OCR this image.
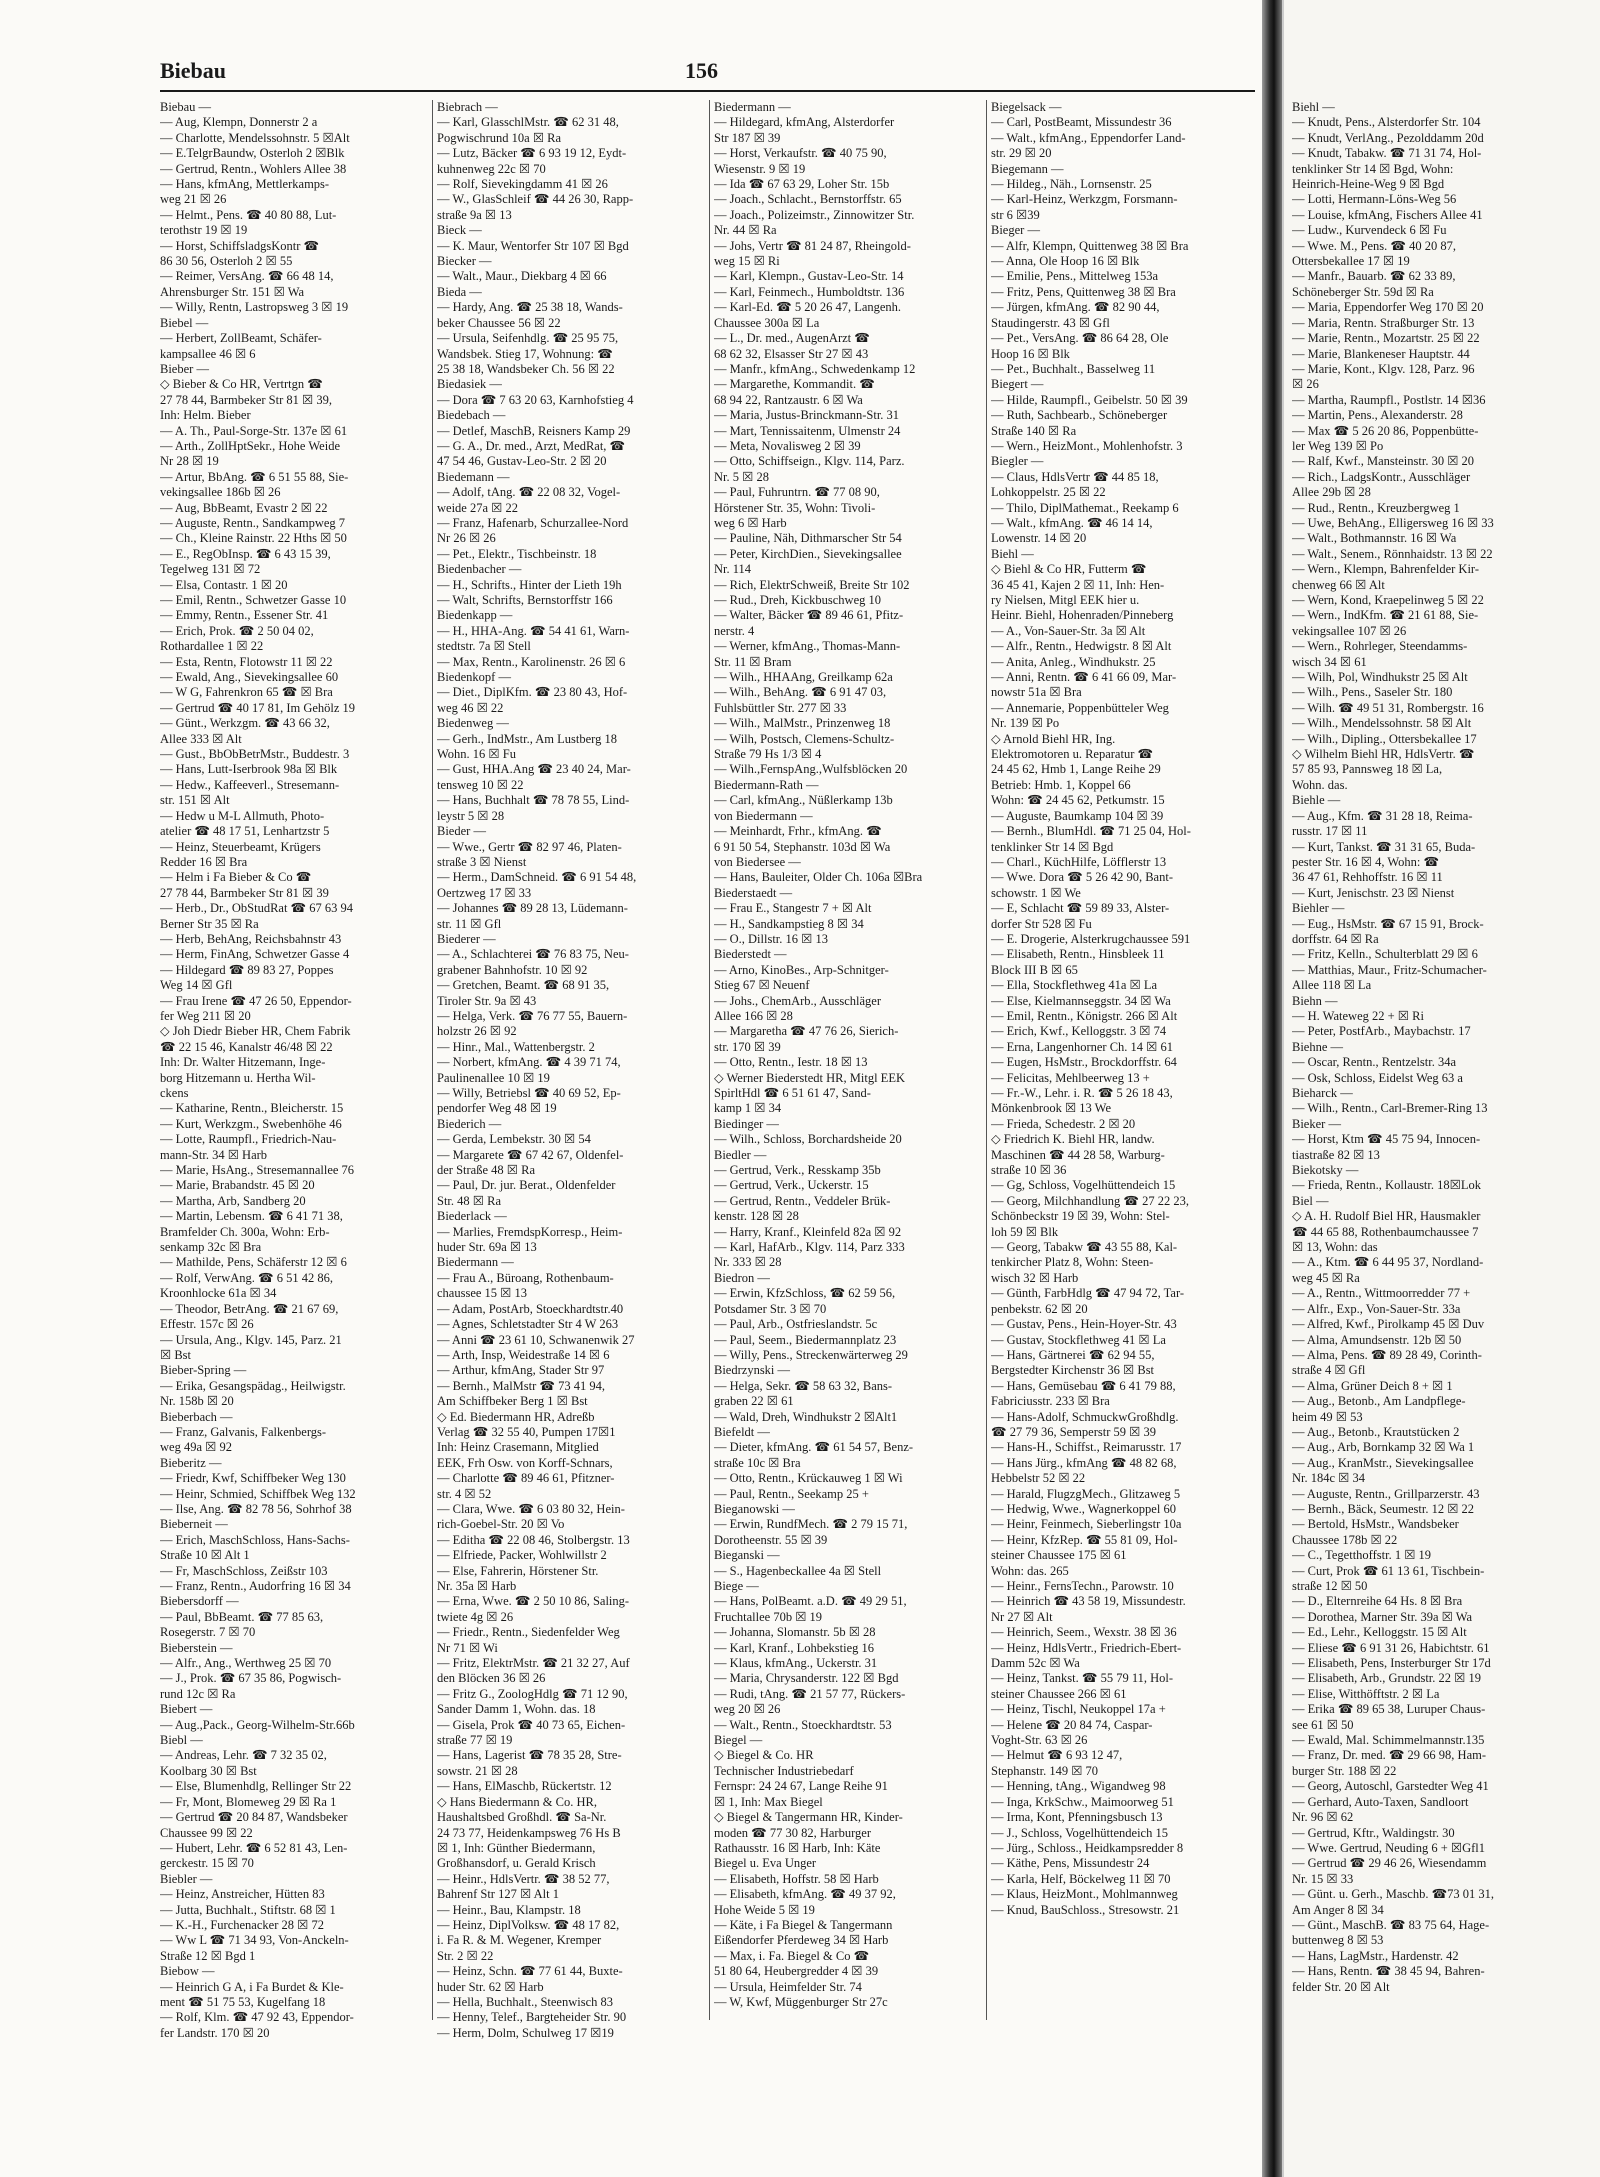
Biebau	156
Biebau —
— Aug, Klempn, Donnerstr 2 a
— Charlotte, Mendelssohnstr. 5 ☒Alt
— E.TelgrBaundw, Osterloh 2 ☒Blk
— Gertrud, Rentn., Wohlers Allee 38
— Hans, kfmAng, Mettlerkamps-
weg 21 ☒ 26
— Helmt., Pens. ☎ 40 80 88, Lut-
terothstr 19 ☒ 19
— Horst, SchiffsladgsKontr ☎
86 30 56, Osterloh 2 ☒ 55
— Reimer, VersAng. ☎ 66 48 14,
Ahrensburger Str. 151 ☒ Wa
— Willy, Rentn, Lastropsweg 3 ☒ 19
Biebel —
— Herbert, ZollBeamt, Schäfer-
kampsallee 46 ☒ 6
Bieber —
◇ Bieber & Co HR, Vertrtgn ☎
27 78 44, Barmbeker Str 81 ☒ 39,
Inh: Helm. Bieber
— A. Th., Paul-Sorge-Str. 137e ☒ 61
— Arth., ZollHptSekr., Hohe Weide
Nr 28 ☒ 19
— Artur, BbAng. ☎ 6 51 55 88, Sie-
vekingsallee 186b ☒ 26
— Aug, BbBeamt, Evastr 2 ☒ 22
— Auguste, Rentn., Sandkampweg 7
— Ch., Kleine Rainstr. 22 Hths ☒ 50
— E., RegObInsp. ☎ 6 43 15 39,
Tegelweg 131 ☒ 72
— Elsa, Contastr. 1 ☒ 20
— Emil, Rentn., Schwetzer Gasse 10
— Emmy, Rentn., Essener Str. 41
— Erich, Prok. ☎ 2 50 04 02,
Rothardallee 1 ☒ 22
— Esta, Rentn, Flotowstr 11 ☒ 22
— Ewald, Ang., Sievekingsallee 60
— W G, Fahrenkron 65 ☎ ☒ Bra
— Gertrud ☎ 40 17 81, Im Gehölz 19
— Günt., Werkzgm. ☎ 43 66 32,
Allee 333 ☒ Alt
— Gust., BbObBetrMstr., Buddestr. 3
— Hans, Lutt-Iserbrook 98a ☒ Blk
— Hedw., Kaffeeverl., Stresemann-
str. 151 ☒ Alt
— Hedw u M-L Allmuth, Photo-
atelier ☎ 48 17 51, Lenhartzstr 5
— Heinz, Steuerbeamt, Krügers
Redder 16 ☒ Bra
— Helm i Fa Bieber & Co ☎
27 78 44, Barmbeker Str 81 ☒ 39
— Herb., Dr., ObStudRat ☎ 67 63 94
Berner Str 35 ☒ Ra
— Herb, BehAng, Reichsbahnstr 43
— Herm, FinAng, Schwetzer Gasse 4
— Hildegard ☎ 89 83 27, Poppes
Weg 14 ☒ Gfl
— Frau Irene ☎ 47 26 50, Eppendor-
fer Weg 211 ☒ 20
◇ Joh Diedr Bieber HR, Chem Fabrik
☎ 22 15 46, Kanalstr 46/48 ☒ 22
Inh: Dr. Walter Hitzemann, Inge-
borg Hitzemann u. Hertha Wil-
ckens
— Katharine, Rentn., Bleicherstr. 15
— Kurt, Werkzgm., Swebenhöhe 46
— Lotte, Raumpfl., Friedrich-Nau-
mann-Str. 34 ☒ Harb
— Marie, HsAng., Stresemannallee 76
— Marie, Brabandstr. 45 ☒ 20
— Martha, Arb, Sandberg 20
— Martin, Lebensm. ☎ 6 41 71 38,
Bramfelder Ch. 300a, Wohn: Erb-
senkamp 32c ☒ Bra
— Mathilde, Pens, Schäferstr 12 ☒ 6
— Rolf, VerwAng. ☎ 6 51 42 86,
Kroonhlocke 61a ☒ 34
— Theodor, BetrAng. ☎ 21 67 69,
Effestr. 157c ☒ 26
— Ursula, Ang., Klgv. 145, Parz. 21
☒ Bst
Bieber-Spring —
— Erika, Gesangspädag., Heilwigstr.
Nr. 158b ☒ 20
Bieberbach —
— Franz, Galvanis, Falkenbergs-
weg 49a ☒ 92
Bieberitz —
— Friedr, Kwf, Schiffbeker Weg 130
— Heinr, Schmied, Schiffbek Weg 132
— Ilse, Ang. ☎ 82 78 56, Sohrhof 38
Bieberneit —
— Erich, MaschSchloss, Hans-Sachs-
Straße 10 ☒ Alt 1
— Fr, MaschSchloss, Zeißstr 103
— Franz, Rentn., Audorfring 16 ☒ 34
Biebersdorff —
— Paul, BbBeamt. ☎ 77 85 63,
Rosegerstr. 7 ☒ 70
Bieberstein —
— Alfr., Ang., Werthweg 25 ☒ 70
— J., Prok. ☎ 67 35 86, Pogwisch-
rund 12c ☒ Ra
Biebert —
— Aug.,Pack., Georg-Wilhelm-Str.66b
Biebl —
— Andreas, Lehr. ☎ 7 32 35 02,
Koolbarg 30 ☒ Bst
— Else, Blumenhdlg, Rellinger Str 22
— Fr, Mont, Blomeweg 29 ☒ Ra 1
— Gertrud ☎ 20 84 87, Wandsbeker
Chaussee 99 ☒ 22
— Hubert, Lehr. ☎ 6 52 81 43, Len-
gerckestr. 15 ☒ 70
Biebler —
— Heinz, Anstreicher, Hütten 83
— Jutta, Buchhalt., Stiftstr. 68 ☒ 1
— K.-H., Furchenacker 28 ☒ 72
— Ww L ☎ 71 34 93, Von-Anckeln-
Straße 12 ☒ Bgd 1
Biebow —
— Heinrich G A, i Fa Burdet & Kle-
ment ☎ 51 75 53, Kugelfang 18
— Rolf, Klm. ☎ 47 92 43, Eppendor-
fer Landstr. 170 ☒ 20
Biebrach —
— Karl, GlasschlMstr. ☎ 62 31 48,
Pogwischrund 10a ☒ Ra
— Lutz, Bäcker ☎ 6 93 19 12, Eydt-
kuhnenweg 22c ☒ 70
— Rolf, Sievekingdamm 41 ☒ 26
— W., GlasSchleif ☎ 44 26 30, Rapp-
straße 9a ☒ 13
Bieck —
— K. Maur, Wentorfer Str 107 ☒ Bgd
Biecker —
— Walt., Maur., Diekbarg 4 ☒ 66
Bieda —
— Hardy, Ang. ☎ 25 38 18, Wands-
beker Chaussee 56 ☒ 22
— Ursula, Seifenhdlg. ☎ 25 95 75,
Wandsbek. Stieg 17, Wohnung: ☎
25 38 18, Wandsbeker Ch. 56 ☒ 22
Biedasiek —
— Dora ☎ 7 63 20 63, Karnhofstieg 4
Biedebach —
— Detlef, MaschB, Reisners Kamp 29
— G. A., Dr. med., Arzt, MedRat, ☎
47 54 46, Gustav-Leo-Str. 2 ☒ 20
Biedemann —
— Adolf, tAng. ☎ 22 08 32, Vogel-
weide 27a ☒ 22
— Franz, Hafenarb, Schurzallee-Nord
Nr 26 ☒ 26
— Pet., Elektr., Tischbeinstr. 18
Biedenbacher —
— H., Schrifts., Hinter der Lieth 19h
— Walt, Schrifts, Bernstorffstr 166
Biedenkapp —
— H., HHA-Ang. ☎ 54 41 61, Warn-
stedtstr. 7a ☒ Stell
— Max, Rentn., Karolinenstr. 26 ☒ 6
Biedenkopf —
— Diet., DiplKfm. ☎ 23 80 43, Hof-
weg 46 ☒ 22
Biedenweg —
— Gerh., IndMstr., Am Lustberg 18
Wohn. 16 ☒ Fu
— Gust, HHA.Ang ☎ 23 40 24, Mar-
tensweg 10 ☒ 22
— Hans, Buchhalt ☎ 78 78 55, Lind-
leystr 5 ☒ 28
Bieder —
— Wwe., Gertr ☎ 82 97 46, Platen-
straße 3 ☒ Nienst
— Herm., DamSchneid. ☎ 6 91 54 48,
Oertzweg 17 ☒ 33
— Johannes ☎ 89 28 13, Lüdemann-
str. 11 ☒ Gfl
Biederer —
— A., Schlachterei ☎ 76 83 75, Neu-
grabener Bahnhofstr. 10 ☒ 92
— Gretchen, Beamt. ☎ 68 91 35,
Tiroler Str. 9a ☒ 43
— Helga, Verk. ☎ 76 77 55, Bauern-
holzstr 26 ☒ 92
— Hinr., Mal., Wattenbergstr. 2
— Norbert, kfmAng. ☎ 4 39 71 74,
Paulinenallee 10 ☒ 19
— Willy, Betriebsl ☎ 40 69 52, Ep-
pendorfer Weg 48 ☒ 19
Biederich —
— Gerda, Lembekstr. 30 ☒ 54
— Margarete ☎ 67 42 67, Oldenfel-
der Straße 48 ☒ Ra
— Paul, Dr. jur. Berat., Oldenfelder
Str. 48 ☒ Ra
Biederlack —
— Marlies, FremdspKorresp., Heim-
huder Str. 69a ☒ 13
Biedermann —
— Frau A., Büroang, Rothenbaum-
chaussee 15 ☒ 13
— Adam, PostArb, Stoeckhardtstr.40
— Agnes, Schletstadter Str 4 W 263
— Anni ☎ 23 61 10, Schwanenwik 27
— Arth, Insp, Weidestraße 14 ☒ 6
— Arthur, kfmAng, Stader Str 97
— Bernh., MalMstr ☎ 73 41 94,
Am Schiffbeker Berg 1 ☒ Bst
◇ Ed. Biedermann HR, Adreßb
Verlag ☎ 32 55 40, Pumpen 17☒1
Inh: Heinz Crasemann, Mitglied
EEK, Frh Osw. von Korff-Schnars,
— Charlotte ☎ 89 46 61, Pfitzner-
str. 4 ☒ 52
— Clara, Wwe. ☎ 6 03 80 32, Hein-
rich-Goebel-Str. 20 ☒ Vo
— Editha ☎ 22 08 46, Stolbergstr. 13
— Elfriede, Packer, Wohlwillstr 2
— Else, Fahrerin, Hörstener Str.
Nr. 35a ☒ Harb
— Erna, Wwe. ☎ 2 50 10 86, Saling-
twiete 4g ☒ 26
— Friedr., Rentn., Siedenfelder Weg
Nr 71 ☒ Wi
— Fritz, ElektrMstr. ☎ 21 32 27, Auf
den Blöcken 36 ☒ 26
— Fritz G., ZoologHdlg ☎ 71 12 90,
Sander Damm 1, Wohn. das. 18
— Gisela, Prok ☎ 40 73 65, Eichen-
straße 77 ☒ 19
— Hans, Lagerist ☎ 78 35 28, Stre-
sowstr. 21 ☒ 28
— Hans, ElMaschb, Rückertstr. 12
◇ Hans Biedermann & Co. HR,
Haushaltsbed Großhdl. ☎ Sa-Nr.
24 73 77, Heidenkampsweg 76 Hs B
☒ 1, Inh: Günther Biedermann,
Großhansdorf, u. Gerald Krisch
— Heinr., HdlsVertr. ☎ 38 52 77,
Bahrenf Str 127 ☒ Alt 1
— Heinr., Bau, Klampstr. 18
— Heinz, DiplVolksw. ☎ 48 17 82,
i. Fa R. & M. Wegener, Kremper
Str. 2 ☒ 22
— Heinz, Schn. ☎ 77 61 44, Buxte-
huder Str. 62 ☒ Harb
— Hella, Buchhalt., Steenwisch 83
— Henny, Telef., Bargteheider Str. 90
— Herm, Dolm, Schulweg 17 ☒19
Biedermann —
— Hildegard, kfmAng, Alsterdorfer
Str 187 ☒ 39
— Horst, Verkaufstr. ☎ 40 75 90,
Wiesenstr. 9 ☒ 19
— Ida ☎ 67 63 29, Loher Str. 15b
— Joach., Schlacht., Bernstorffstr. 65
— Joach., Polizeimstr., Zinnowitzer Str.
Nr. 44 ☒ Ra
— Johs, Vertr ☎ 81 24 87, Rheingold-
weg 15 ☒ Ri
— Karl, Klempn., Gustav-Leo-Str. 14
— Karl, Feinmech., Humboldtstr. 136
— Karl-Ed. ☎ 5 20 26 47, Langenh.
Chaussee 300a ☒ La
— L., Dr. med., AugenArzt ☎
68 62 32, Elsasser Str 27 ☒ 43
— Manfr., kfmAng., Schwedenkamp 12
— Margarethe, Kommandit. ☎
68 94 22, Rantzaustr. 6 ☒ Wa
— Maria, Justus-Brinckmann-Str. 31
— Mart, Tennissaitenm, Ulmenstr 24
— Meta, Novalisweg 2 ☒ 39
— Otto, Schiffseign., Klgv. 114, Parz.
Nr. 5 ☒ 28
— Paul, Fuhruntrn. ☎ 77 08 90,
Hörstener Str. 35, Wohn: Tivoli-
weg 6 ☒ Harb
— Pauline, Näh, Dithmarscher Str 54
— Peter, KirchDien., Sievekingsallee
Nr. 114
— Rich, ElektrSchweiß, Breite Str 102
— Rud., Dreh, Kickbuschweg 10
— Walter, Bäcker ☎ 89 46 61, Pfitz-
nerstr. 4
— Werner, kfmAng., Thomas-Mann-
Str. 11 ☒ Bram
— Wilh., HHAAng, Greilkamp 62a
— Wilh., BehAng. ☎ 6 91 47 03,
Fuhlsbüttler Str. 277 ☒ 33
— Wilh., MalMstr., Prinzenweg 18
— Wilh, Postsch, Clemens-Schultz-
Straße 79 Hs 1/3 ☒ 4
— Wilh.,FernspAng.,Wulfsblöcken 20
Biedermann-Rath —
— Carl, kfmAng., Nüßlerkamp 13b
von Biedermann —
— Meinhardt, Frhr., kfmAng. ☎
6 91 50 54, Stephanstr. 103d ☒ Wa
von Biedersee —
— Hans, Bauleiter, Older Ch. 106a ☒Bra
Biederstaedt —
— Frau E., Stangestr 7 + ☒ Alt
— H., Sandkampstieg 8 ☒ 34
— O., Dillstr. 16 ☒ 13
Biederstedt —
— Arno, KinoBes., Arp-Schnitger-
Stieg 67 ☒ Neuenf
— Johs., ChemArb., Ausschläger
Allee 166 ☒ 28
— Margaretha ☎ 47 76 26, Sierich-
str. 170 ☒ 39
— Otto, Rentn., Iestr. 18 ☒ 13
◇ Werner Biederstedt HR, Mitgl EEK
SpirltHdl ☎ 6 51 61 47, Sand-
kamp 1 ☒ 34
Biedinger —
— Wilh., Schloss, Borchardsheide 20
Biedler —
— Gertrud, Verk., Resskamp 35b
— Gertrud, Verk., Uckerstr. 15
— Gertrud, Rentn., Veddeler Brük-
kenstr. 128 ☒ 28
— Harry, Kranf., Kleinfeld 82a ☒ 92
— Karl, HafArb., Klgv. 114, Parz 333
Nr. 333 ☒ 28
Biedron —
— Erwin, KfzSchloss, ☎ 62 59 56,
Potsdamer Str. 3 ☒ 70
— Paul, Arb., Ostfrieslandstr. 5c
— Paul, Seem., Biedermannplatz 23
— Willy, Pens., Streckenwärterweg 29
Biedrzynski —
— Helga, Sekr. ☎ 58 63 32, Bans-
graben 22 ☒ 61
— Wald, Dreh, Windhukstr 2 ☒Alt1
Biefeldt —
— Dieter, kfmAng. ☎ 61 54 57, Benz-
straße 10c ☒ Bra
— Otto, Rentn., Krückauweg 1 ☒ Wi
— Paul, Rentn., Seekamp 25 +
Bieganowski —
— Erwin, RundfMech. ☎ 2 79 15 71,
Dorotheenstr. 55 ☒ 39
Bieganski —
— S., Hagenbeckallee 4a ☒ Stell
Biege —
— Hans, PolBeamt. a.D. ☎ 49 29 51,
Fruchtallee 70b ☒ 19
— Johanna, Slomanstr. 5b ☒ 28
— Karl, Kranf., Lohbekstieg 16
— Klaus, kfmAng., Uckerstr. 31
— Maria, Chrysanderstr. 122 ☒ Bgd
— Rudi, tAng. ☎ 21 57 77, Rückers-
weg 20 ☒ 26
— Walt., Rentn., Stoeckhardtstr. 53
Biegel —
◇ Biegel & Co. HR
Technischer Industriebedarf
Fernspr: 24 24 67, Lange Reihe 91
☒ 1, Inh: Max Biegel
◇ Biegel & Tangermann HR, Kinder-
moden ☎ 77 30 82, Harburger
Rathausstr. 16 ☒ Harb, Inh: Käte
Biegel u. Eva Unger
— Elisabeth, Hoffstr. 58 ☒ Harb
— Elisabeth, kfmAng. ☎ 49 37 92,
Hohe Weide 5 ☒ 19
— Käte, i Fa Biegel & Tangermann
Eißendorfer Pferdeweg 34 ☒ Harb
— Max, i. Fa. Biegel & Co ☎
51 80 64, Heubergredder 4 ☒ 39
— Ursula, Heimfelder Str. 74
— W, Kwf, Müggenburger Str 27c
Biegelsack —
— Carl, PostBeamt, Missundestr 36
— Walt., kfmAng., Eppendorfer Land-
str. 29 ☒ 20
Biegemann —
— Hildeg., Näh., Lornsenstr. 25
— Karl-Heinz, Werkzgm, Forsmann-
str 6 ☒39
Bieger —
— Alfr, Klempn, Quittenweg 38 ☒ Bra
— Anna, Ole Hoop 16 ☒ Blk
— Emilie, Pens., Mittelweg 153a
— Fritz, Pens, Quittenweg 38 ☒ Bra
— Jürgen, kfmAng. ☎ 82 90 44,
Staudingerstr. 43 ☒ Gfl
— Pet., VersAng. ☎ 86 64 28, Ole
Hoop 16 ☒ Blk
— Pet., Buchhalt., Basselweg 11
Biegert —
— Hilde, Raumpfl., Geibelstr. 50 ☒ 39
— Ruth, Sachbearb., Schöneberger
Straße 140 ☒ Ra
— Wern., HeizMont., Mohlenhofstr. 3
Biegler —
— Claus, HdlsVertr ☎ 44 85 18,
Lohkoppelstr. 25 ☒ 22
— Thilo, DiplMathemat., Reekamp 6
— Walt., kfmAng. ☎ 46 14 14,
Lowenstr. 14 ☒ 20
Biehl —
◇ Biehl & Co HR, Futterm ☎
36 45 41, Kajen 2 ☒ 11, Inh: Hen-
ry Nielsen, Mitgl EEK hier u.
Heinr. Biehl, Hohenraden/Pinneberg
— A., Von-Sauer-Str. 3a ☒ Alt
— Alfr., Rentn., Hedwigstr. 8 ☒ Alt
— Anita, Anleg., Windhukstr. 25
— Anni, Rentn. ☎ 6 41 66 09, Mar-
nowstr 51a ☒ Bra
— Annemarie, Poppenbütteler Weg
Nr. 139 ☒ Po
◇ Arnold Biehl HR, Ing.
Elektromotoren u. Reparatur ☎
24 45 62, Hmb 1, Lange Reihe 29
Betrieb: Hmb. 1, Koppel 66
Wohn: ☎ 24 45 62, Petkumstr. 15
— Auguste, Baumkamp 104 ☒ 39
— Bernh., BlumHdl. ☎ 71 25 04, Hol-
tenklinker Str 14 ☒ Bgd
— Charl., KüchHilfe, Löfflerstr 13
— Wwe. Dora ☎ 5 26 42 90, Bant-
schowstr. 1 ☒ We
— E, Schlacht ☎ 59 89 33, Alster-
dorfer Str 528 ☒ Fu
— E. Drogerie, Alsterkrugchaussee 591
— Elisabeth, Rentn., Hinsbleek 11
Block III B ☒ 65
— Ella, Stockflethweg 41a ☒ La
— Else, Kielmannseggstr. 34 ☒ Wa
— Emil, Rentn., Königstr. 266 ☒ Alt
— Erich, Kwf., Kelloggstr. 3 ☒ 74
— Erna, Langenhorner Ch. 14 ☒ 61
— Eugen, HsMstr., Brockdorffstr. 64
— Felicitas, Mehlbeerweg 13 +
— Fr.-W., Lehr. i. R. ☎ 5 26 18 43,
Mönkenbrook ☒ 13 We
— Frieda, Schedestr. 2 ☒ 20
◇ Friedrich K. Biehl HR, landw.
Maschinen ☎ 44 28 58, Warburg-
straße 10 ☒ 36
— Gg, Schloss, Vogelhüttendeich 15
— Georg, Milchhandlung ☎ 27 22 23,
Schönbeckstr 19 ☒ 39, Wohn: Stel-
loh 59 ☒ Blk
— Georg, Tabakw ☎ 43 55 88, Kal-
tenkircher Platz 8, Wohn: Steen-
wisch 32 ☒ Harb
— Günth, FarbHdlg ☎ 47 94 72, Tar-
penbekstr. 62 ☒ 20
— Gustav, Pens., Hein-Hoyer-Str. 43
— Gustav, Stockflethweg 41 ☒ La
— Hans, Gärtnerei ☎ 62 94 55,
Bergstedter Kirchenstr 36 ☒ Bst
— Hans, Gemüsebau ☎ 6 41 79 88,
Fabriciusstr. 233 ☒ Bra
— Hans-Adolf, SchmuckwGroßhdlg.
☎ 27 79 36, Semperstr 59 ☒ 39
— Hans-H., Schiffst., Reimarusstr. 17
— Hans Jürg., kfmAng ☎ 48 82 68,
Hebbelstr 52 ☒ 22
— Harald, FlugzgMech., Glitzaweg 5
— Hedwig, Wwe., Wagnerkoppel 60
— Heinr, Feinmech, Sieberlingstr 10a
— Heinr, KfzRep. ☎ 55 81 09, Hol-
steiner Chaussee 175 ☒ 61
Wohn: das. 265
— Heinr., FernsTechn., Parowstr. 10
— Heinrich ☎ 43 58 19, Missundestr.
Nr 27 ☒ Alt
— Heinrich, Seem., Wexstr. 38 ☒ 36
— Heinz, HdlsVertr., Friedrich-Ebert-
Damm 52c ☒ Wa
— Heinz, Tankst. ☎ 55 79 11, Hol-
steiner Chaussee 266 ☒ 61
— Heinz, Tischl, Neukoppel 17a +
— Helene ☎ 20 84 74, Caspar-
Voght-Str. 63 ☒ 26
— Helmut ☎ 6 93 12 47,
Stephanstr. 149 ☒ 70
— Henning, tAng., Wigandweg 98
— Inga, KrkSchw., Maimoorweg 51
— Irma, Kont, Pfenningsbusch 13
— J., Schloss, Vogelhüttendeich 15
— Jürg., Schloss., Heidkampsredder 8
— Käthe, Pens, Missundestr 24
— Karla, Helf, Böckelweg 11 ☒ 70
— Klaus, HeizMont., Mohlmannweg
— Knud, BauSchloss., Stresowstr. 21
Biehl —
— Knudt, Pens., Alsterdorfer Str. 104
— Knudt, VerlAng., Pezolddamm 20d
— Knudt, Tabakw. ☎ 71 31 74, Hol-
tenklinker Str 14 ☒ Bgd, Wohn:
Heinrich-Heine-Weg 9 ☒ Bgd
— Lotti, Hermann-Löns-Weg 56
— Louise, kfmAng, Fischers Allee 41
— Ludw., Kurvendeck 6 ☒ Fu
— Wwe. M., Pens. ☎ 40 20 87,
Ottersbekallee 17 ☒ 19
— Manfr., Bauarb. ☎ 62 33 89,
Schöneberger Str. 59d ☒ Ra
— Maria, Eppendorfer Weg 170 ☒ 20
— Maria, Rentn. Straßburger Str. 13
— Marie, Rentn., Mozartstr. 25 ☒ 22
— Marie, Blankeneser Hauptstr. 44
— Marie, Kont., Klgv. 128, Parz. 96
☒ 26
— Martha, Raumpfl., Postlstr. 14 ☒36
— Martin, Pens., Alexanderstr. 28
— Max ☎ 5 26 20 86, Poppenbütte-
ler Weg 139 ☒ Po
— Ralf, Kwf., Mansteinstr. 30 ☒ 20
— Rich., LadgsKontr., Ausschläger
Allee 29b ☒ 28
— Rud., Rentn., Kreuzbergweg 1
— Uwe, BehAng., Elligersweg 16 ☒ 33
— Walt., Bothmannstr. 16 ☒ Wa
— Walt., Senem., Rönnhaidstr. 13 ☒ 22
— Wern., Klempn, Bahrenfelder Kir-
chenweg 66 ☒ Alt
— Wern, Kond, Kraepelinweg 5 ☒ 22
— Wern., IndKfm. ☎ 21 61 88, Sie-
vekingsallee 107 ☒ 26
— Wern., Rohrleger, Steendamms-
wisch 34 ☒ 61
— Wilh, Pol, Windhukstr 25 ☒ Alt
— Wilh., Pens., Saseler Str. 180
— Wilh. ☎ 49 51 31, Rombergstr. 16
— Wilh., Mendelssohnstr. 58 ☒ Alt
— Wilh., Dipling., Ottersbekallee 17
◇ Wilhelm Biehl HR, HdlsVertr. ☎
57 85 93, Pannsweg 18 ☒ La,
Wohn. das.
Biehle —
— Aug., Kfm. ☎ 31 28 18, Reima-
russtr. 17 ☒ 11
— Kurt, Tankst. ☎ 31 31 65, Buda-
pester Str. 16 ☒ 4, Wohn: ☎
36 47 61, Rehhoffstr. 16 ☒ 11
— Kurt, Jenischstr. 23 ☒ Nienst
Biehler —
— Eug., HsMstr. ☎ 67 15 91, Brock-
dorffstr. 64 ☒ Ra
— Fritz, Kelln., Schulterblatt 29 ☒ 6
— Matthias, Maur., Fritz-Schumacher-
Allee 118 ☒ La
Biehn —
— H. Wateweg 22 + ☒ Ri
— Peter, PostfArb., Maybachstr. 17
Biehne —
— Oscar, Rentn., Rentzelstr. 34a
— Osk, Schloss, Eidelst Weg 63 a
Bieharck —
— Wilh., Rentn., Carl-Bremer-Ring 13
Bieker —
— Horst, Ktm ☎ 45 75 94, Innocen-
tiastraße 82 ☒ 13
Biekotsky —
— Frieda, Rentn., Kollaustr. 18☒Lok
Biel —
◇ A. H. Rudolf Biel HR, Hausmakler
☎ 44 65 88, Rothenbaumchaussee 7
☒ 13, Wohn: das
— A., Ktm. ☎ 6 44 95 37, Nordland-
weg 45 ☒ Ra
— A., Rentn., Wittmoorredder 77 +
— Alfr., Exp., Von-Sauer-Str. 33a
— Alfred, Kwf., Pirolkamp 45 ☒ Duv
— Alma, Amundsenstr. 12b ☒ 50
— Alma, Pens. ☎ 89 28 49, Corinth-
straße 4 ☒ Gfl
— Alma, Grüner Deich 8 + ☒ 1
— Aug., Betonb., Am Landpflege-
heim 49 ☒ 53
— Aug., Betonb., Krautstücken 2
— Aug., Arb, Bornkamp 32 ☒ Wa 1
— Aug., KranMstr., Sievekingsallee
Nr. 184c ☒ 34
— Auguste, Rentn., Grillparzerstr. 43
— Bernh., Bäck, Seumestr. 12 ☒ 22
— Bertold, HsMstr., Wandsbeker
Chaussee 178b ☒ 22
— C., Tegetthoffstr. 1 ☒ 19
— Curt, Prok ☎ 61 13 61, Tischbein-
straße 12 ☒ 50
— D., Elternreihe 64 Hs. 8 ☒ Bra
— Dorothea, Marner Str. 39a ☒ Wa
— Ed., Lehr., Kelloggstr. 15 ☒ Alt
— Eliese ☎ 6 91 31 26, Habichtstr. 61
— Elisabeth, Pens, Insterburger Str 17d
— Elisabeth, Arb., Grundstr. 22 ☒ 19
— Elise, Witthöfftstr. 2 ☒ La
— Erika ☎ 89 65 38, Luruper Chaus-
see 61 ☒ 50
— Ewald, Mal. Schimmelmannstr.135
— Franz, Dr. med. ☎ 29 66 98, Ham-
burger Str. 188 ☒ 22
— Georg, Autoschl, Garstedter Weg 41
— Gerhard, Auto-Taxen, Sandloort
Nr. 96 ☒ 62
— Gertrud, Kftr., Waldingstr. 30
— Wwe. Gertrud, Neuding 6 + ☒Gfl1
— Gertrud ☎ 29 46 26, Wiesendamm
Nr. 15 ☒ 33
— Günt. u. Gerh., Maschb. ☎73 01 31,
Am Anger 8 ☒ 34
— Günt., MaschB. ☎ 83 75 64, Hage-
buttenweg 8 ☒ 53
— Hans, LagMstr., Hardenstr. 42
— Hans, Rentn. ☎ 38 45 94, Bahren-
felder Str. 20 ☒ Alt
